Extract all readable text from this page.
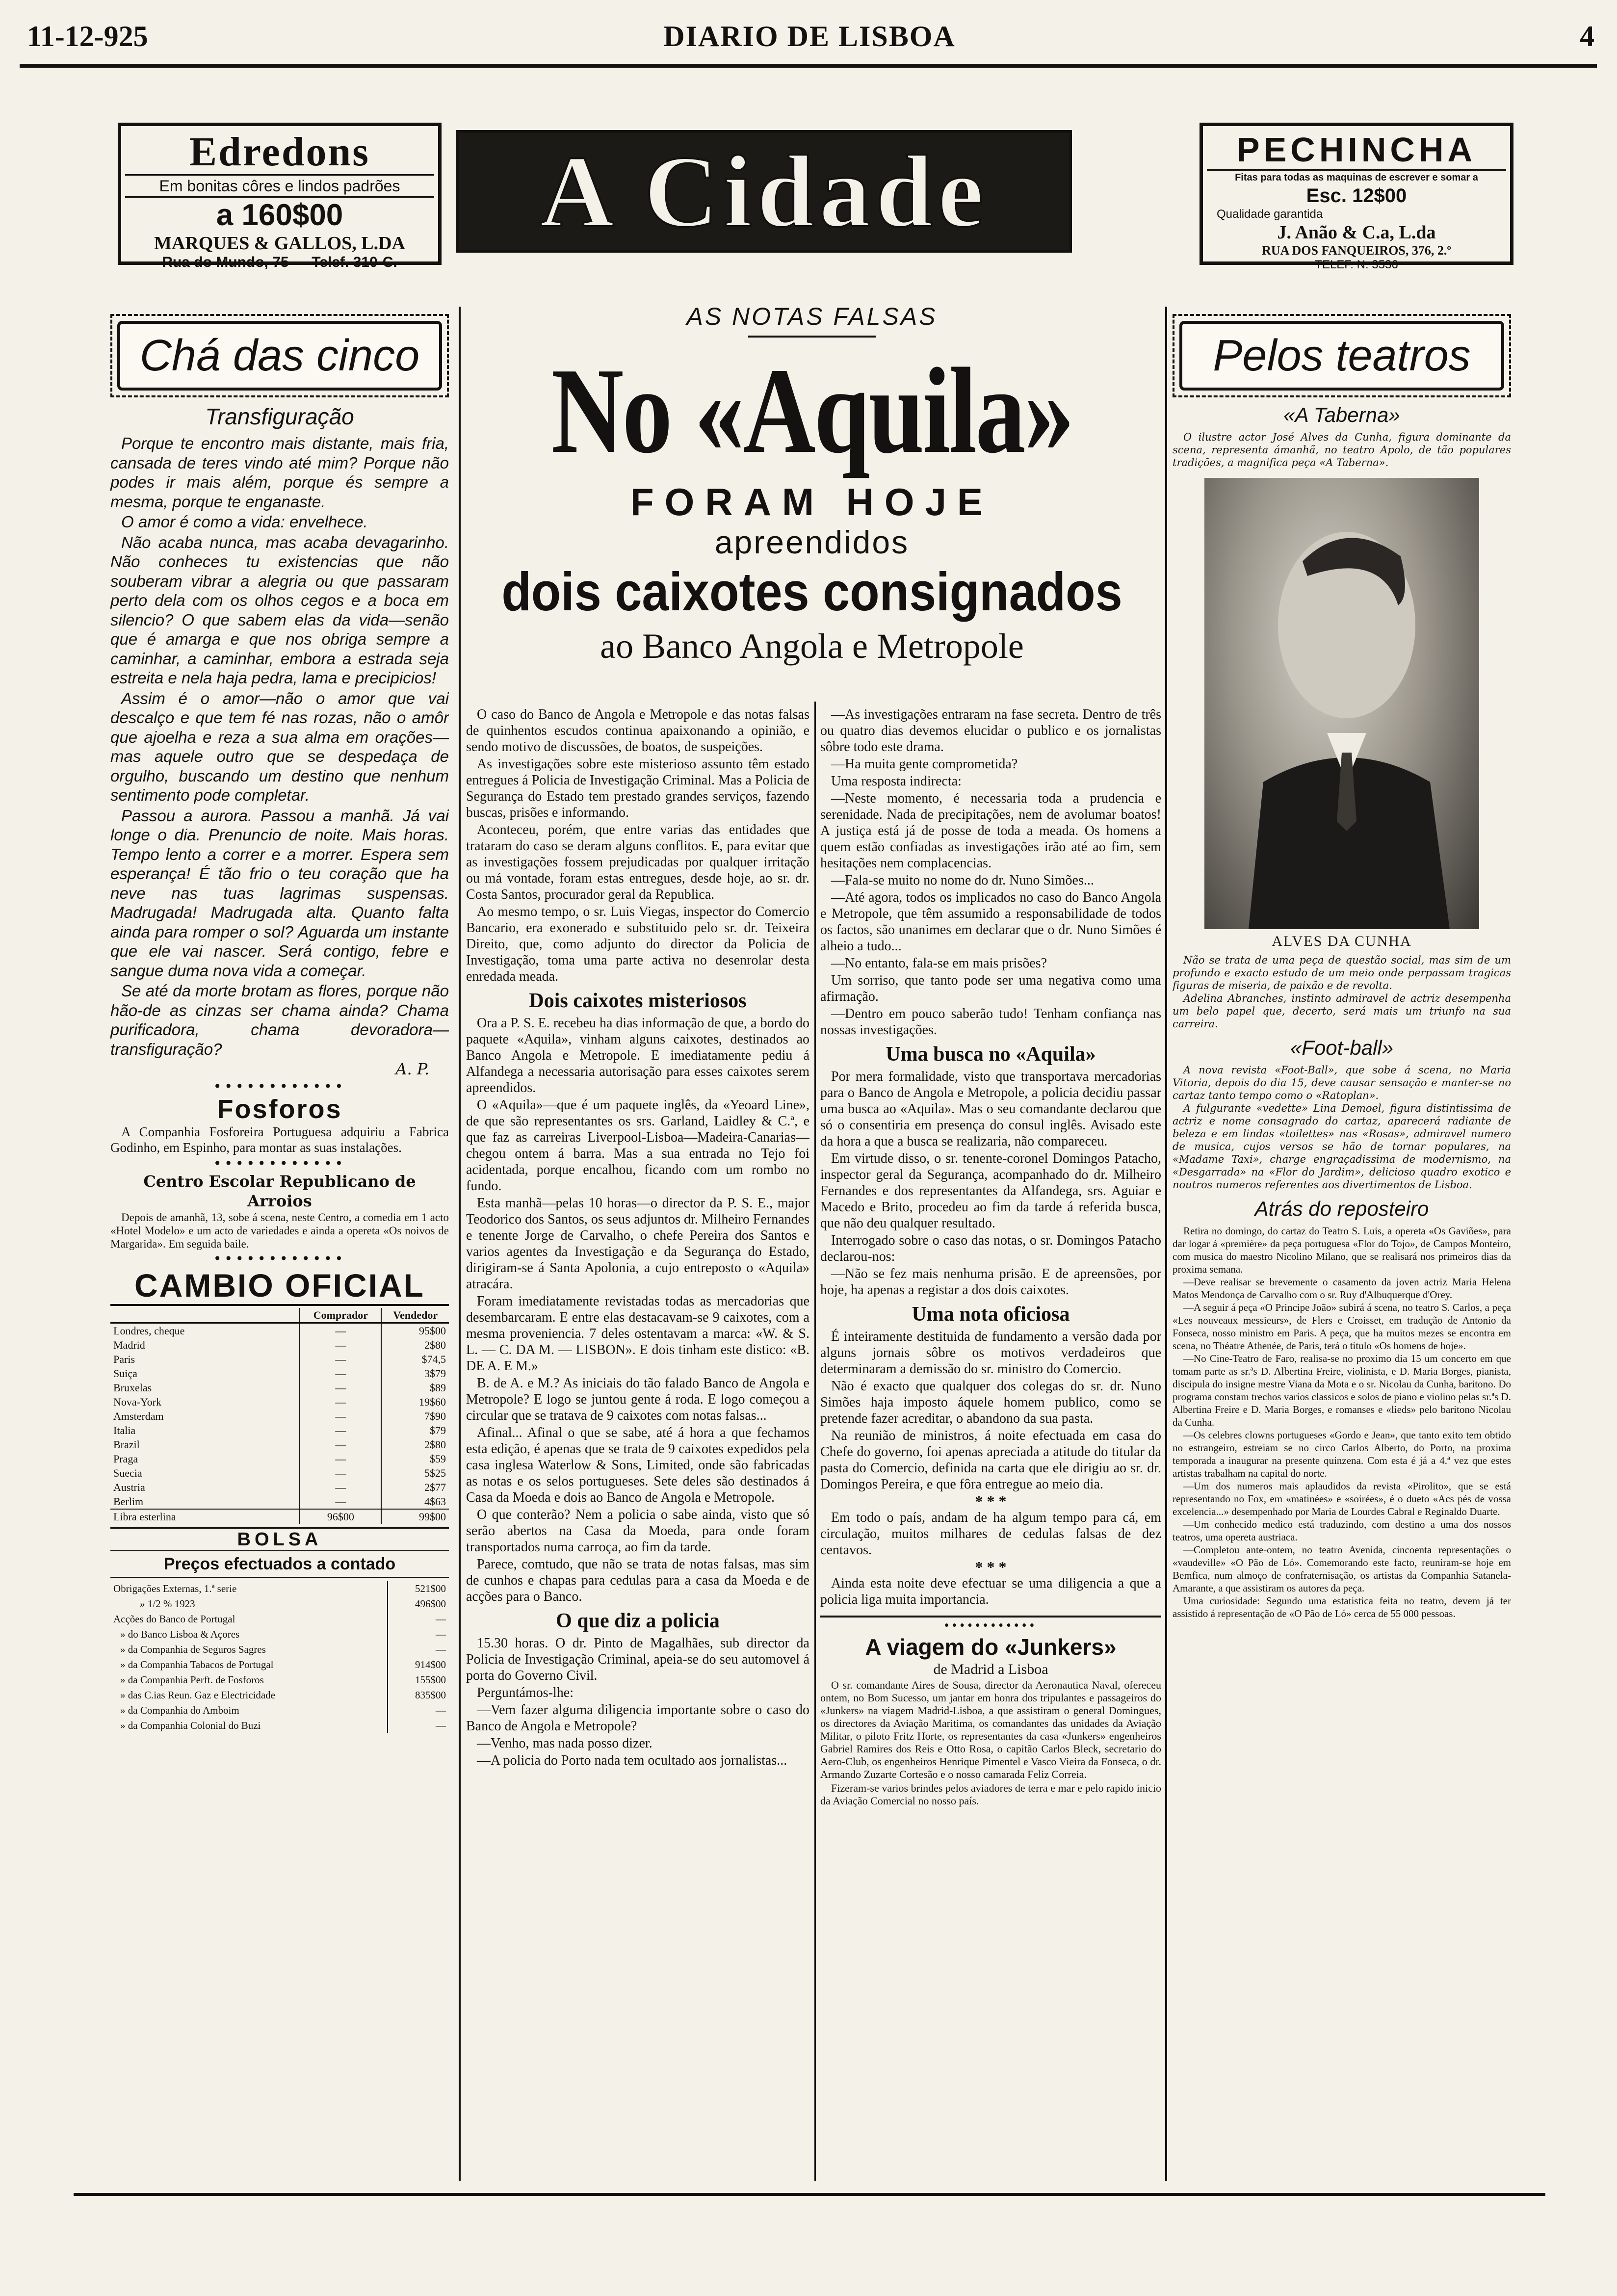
11-12-925	DIARIO DE LISBOA	4
Edredons
Em bonitas côres e lindos padrões
a 160$00
MARQUES & GALLOS, L.DA
Rua do Mundo, 75 — Telef. 310-C.
A Cidade	PECHINCHA
Fitas para todas as maquinas de escrever e somar a
Esc. 12$00
Qualidade garantida
J. Anão & C.a, L.da
RUA DOS FANQUEIROS, 376, 2.º
TELEF. N. 3536
Chá das cinco
Transfiguração

Porque te encontro mais distante, mais fria, cansada de teres vindo até mim? Porque não podes ir mais além, porque és sempre a mesma, porque te enganaste.

O amor é como a vida: envelhece.

Não acaba nunca, mas acaba devagarinho. Não conheces tu existencias que não souberam vibrar a alegria ou que passaram perto dela com os olhos cegos e a boca em silencio? O que sabem elas da vida—senão que é amarga e que nos obriga sempre a caminhar, a caminhar, embora a estrada seja estreita e nela haja pedra, lama e precipicios!

Assim é o amor—não o amor que vai descalço e que tem fé nas rozas, não o amôr que ajoelha e reza a sua alma em orações—mas aquele outro que se despedaça de orgulho, buscando um destino que nenhum sentimento pode completar.

Passou a aurora. Passou a manhã. Já vai longe o dia. Prenuncio de noite. Mais horas. Tempo lento a correr e a morrer. Espera sem esperança! É tão frio o teu coração que ha neve nas tuas lagrimas suspensas. Madrugada! Madrugada alta. Quanto falta ainda para romper o sol? Aguarda um instante que ele vai nascer. Será contigo, febre e sangue duma nova vida a começar.

Se até da morte brotam as flores, porque não hão-de as cinzas ser chama ainda? Chama purificadora, chama devoradora—transfiguração?

A. P.
••••••••••••
Fosforos

A Companhia Fosforeira Portuguesa adquiriu a Fabrica Godinho, em Espinho, para montar as suas instalações.

••••••••••••
Centro Escolar Republicano de Arroios

Depois de amanhã, 13, sobe á scena, neste Centro, a comedia em 1 acto «Hotel Modelo» e um acto de variedades e ainda a opereta «Os noivos de Margarida». Em seguida baile.

••••••••••••
CAMBIO OFICIAL
	Comprador	Vendedor
Londres, cheque	—	95$00
Madrid	—	2$80
Paris	—	$74,5
Suiça	—	3$79
Bruxelas	—	$89
Nova-York	—	19$60
Amsterdam	—	7$90
Italia	—	$79
Brazil	—	2$80
Praga	—	$59
Suecia	—	5$25
Austria	—	2$77
Berlim	—	4$63
Libra esterlina	96$00	99$00
BOLSA
Preços efectuados a contado
Obrigações Externas, 1.ª serie	521$00
» 1/2 % 1923	496$00
Acções do Banco de Portugal	—
» do Banco Lisboa & Açores	—
» da Companhia de Seguros Sagres	—
» da Companhia Tabacos de Portugal	914$00
» da Companhia Perft. de Fosforos	155$00
» das C.ias Reun. Gaz e Electricidade	835$00
» da Companhia do Amboim	—
» da Companhia Colonial do Buzi	—
AS NOTAS FALSAS
No «Aquila»
FORAM HOJE
apreendidos
dois caixotes consignados
ao Banco Angola e Metropole

O caso do Banco de Angola e Metropole e das notas falsas de quinhentos escudos continua apaixonando a opinião, e sendo motivo de discussões, de boatos, de suspeições.

As investigações sobre este misterioso assunto têm estado entregues á Policia de Investigação Criminal. Mas a Policia de Segurança do Estado tem prestado grandes serviços, fazendo buscas, prisões e informando.

Aconteceu, porém, que entre varias das entidades que trataram do caso se deram alguns conflitos. E, para evitar que as investigações fossem prejudicadas por qualquer irritação ou má vontade, foram estas entregues, desde hoje, ao sr. dr. Costa Santos, procurador geral da Republica.

Ao mesmo tempo, o sr. Luis Viegas, inspector do Comercio Bancario, era exonerado e substituido pelo sr. dr. Teixeira Direito, que, como adjunto do director da Policia de Investigação, toma uma parte activa no desenrolar desta enredada meada.

Dois caixotes misteriosos

Ora a P. S. E. recebeu ha dias informação de que, a bordo do paquete «Aquila», vinham alguns caixotes, destinados ao Banco Angola e Metropole. E imediatamente pediu á Alfandega a necessaria autorisação para esses caixotes serem apreendidos.

O «Aquila»—que é um paquete inglês, da «Yeoard Line», de que são representantes os srs. Garland, Laidley & C.ª, e que faz as carreiras Liverpool-Lisboa—Madeira-Canarias—chegou ontem á barra. Mas a sua entrada no Tejo foi acidentada, porque encalhou, ficando com um rombo no fundo.

Esta manhã—pelas 10 horas—o director da P. S. E., major Teodorico dos Santos, os seus adjuntos dr. Milheiro Fernandes e tenente Jorge de Carvalho, o chefe Pereira dos Santos e varios agentes da Investigação e da Segurança do Estado, dirigiram-se á Santa Apolonia, a cujo entreposto o «Aquila» atracára.

Foram imediatamente revistadas todas as mercadorias que desembarcaram. E entre elas destacavam-se 9 caixotes, com a mesma proveniencia. 7 deles ostentavam a marca: «W. & S. L. — C. DA M. — LISBON». E dois tinham este distico: «B. DE A. E M.»

B. de A. e M.? As iniciais do tão falado Banco de Angola e Metropole? E logo se juntou gente á roda. E logo começou a circular que se tratava de 9 caixotes com notas falsas...

Afinal... Afinal o que se sabe, até á hora a que fechamos esta edição, é apenas que se trata de 9 caixotes expedidos pela casa inglesa Waterlow & Sons, Limited, onde são fabricadas as notas e os selos portugueses. Sete deles são destinados á Casa da Moeda e dois ao Banco de Angola e Metropole.

O que conterão? Nem a policia o sabe ainda, visto que só serão abertos na Casa da Moeda, para onde foram transportados numa carroça, ao fim da tarde.

Parece, comtudo, que não se trata de notas falsas, mas sim de cunhos e chapas para cedulas para a casa da Moeda e de acções para o Banco.

O que diz a policia

15.30 horas. O dr. Pinto de Magalhães, sub director da Policia de Investigação Criminal, apeia-se do seu automovel á porta do Governo Civil.

Perguntámos-lhe:

—Vem fazer alguma diligencia importante sobre o caso do Banco de Angola e Metropole?

—Venho, mas nada posso dizer.

—A policia do Porto nada tem ocultado aos jornalistas...

—As investigações entraram na fase secreta. Dentro de três ou quatro dias devemos elucidar o publico e os jornalistas sôbre todo este drama.

—Ha muita gente comprometida?

Uma resposta indirecta:

—Neste momento, é necessaria toda a prudencia e serenidade. Nada de precipitações, nem de avolumar boatos! A justiça está já de posse de toda a meada. Os homens a quem estão confiadas as investigações irão até ao fim, sem hesitações nem complacencias.

—Fala-se muito no nome do dr. Nuno Simões...

—Até agora, todos os implicados no caso do Banco Angola e Metropole, que têm assumido a responsabilidade de todos os factos, são unanimes em declarar que o dr. Nuno Simões é alheio a tudo...

—No entanto, fala-se em mais prisões?

Um sorriso, que tanto pode ser uma negativa como uma afirmação.

—Dentro em pouco saberão tudo! Tenham confiança nas nossas investigações.

Uma busca no «Aquila»

Por mera formalidade, visto que transportava mercadorias para o Banco de Angola e Metropole, a policia decidiu passar uma busca ao «Aquila». Mas o seu comandante declarou que só o consentiria em presença do consul inglês. Avisado este da hora a que a busca se realizaria, não compareceu.

Em virtude disso, o sr. tenente-coronel Domingos Patacho, inspector geral da Segurança, acompanhado do dr. Milheiro Fernandes e dos representantes da Alfandega, srs. Aguiar e Macedo e Brito, procedeu ao fim da tarde á referida busca, que não deu qualquer resultado.

Interrogado sobre o caso das notas, o sr. Domingos Patacho declarou-nos:

—Não se fez mais nenhuma prisão. E de apreensões, por hoje, ha apenas a registar a dos dois caixotes.

Uma nota oficiosa

É inteiramente destituida de fundamento a versão dada por alguns jornais sôbre os motivos verdadeiros que determinaram a demissão do sr. ministro do Comercio.

Não é exacto que qualquer dos colegas do sr. dr. Nuno Simões haja imposto áquele homem publico, como se pretende fazer acreditar, o abandono da sua pasta.

Na reunião de ministros, á noite efectuada em casa do Chefe do governo, foi apenas apreciada a atitude do titular da pasta do Comercio, definida na carta que ele dirigiu ao sr. dr. Domingos Pereira, e que fôra entregue ao meio dia.

* * *

Em todo o país, andam de ha algum tempo para cá, em circulação, muitos milhares de cedulas falsas de dez centavos.

* * *

Ainda esta noite deve efectuar se uma diligencia a que a policia liga muita importancia.

••••••••••••
A viagem do «Junkers»
de Madrid a Lisboa

O sr. comandante Aires de Sousa, director da Aeronautica Naval, ofereceu ontem, no Bom Sucesso, um jantar em honra dos tripulantes e passageiros do «Junkers» na viagem Madrid-Lisboa, a que assistiram o general Domingues, os directores da Aviação Maritima, os comandantes das unidades da Aviação Militar, o piloto Fritz Horte, os representantes da casa «Junkers» engenheiros Gabriel Ramires dos Reis e Otto Rosa, o capitão Carlos Bleck, secretario do Aero-Club, os engenheiros Henrique Pimentel e Vasco Vieira da Fonseca, o dr. Armando Zuzarte Cortesão e o nosso camarada Feliz Correia.

Fizeram-se varios brindes pelos aviadores de terra e mar e pelo rapido inicio da Aviação Comercial no nosso país.

Pelos teatros
«A Taberna»

O ilustre actor José Alves da Cunha, figura dominante da scena, representa ámanhã, no teatro Apolo, de tão populares tradições, a magnifica peça «A Taberna».

ALVES DA CUNHA

Não se trata de uma peça de questão social, mas sim de um profundo e exacto estudo de um meio onde perpassam tragicas figuras de miseria, de paixão e de revolta.

Adelina Abranches, instinto admiravel de actriz desempenha um belo papel que, decerto, será mais um triunfo na sua carreira.

«Foot-ball»

A nova revista «Foot-Ball», que sobe á scena, no Maria Vitoria, depois do dia 15, deve causar sensação e manter-se no cartaz tanto tempo como o «Ratoplan».

A fulgurante «vedette» Lina Demoel, figura distintissima de actriz e nome consagrado do cartaz, aparecerá radiante de beleza e em lindas «toilettes» nas «Rosas», admiravel numero de musica, cujos versos se hão de tornar populares, na «Madame Taxi», charge engraçadissima de modernismo, na «Desgarrada» na «Flor do Jardim», delicioso quadro exotico e noutros numeros referentes aos divertimentos de Lisboa.

Atrás do reposteiro

Retira no domingo, do cartaz do Teatro S. Luis, a opereta «Os Gaviões», para dar logar á «première» da peça portuguesa «Flor do Tojo», de Campos Monteiro, com musica do maestro Nicolino Milano, que se realisará nos primeiros dias da proxima semana.

—Deve realisar se brevemente o casamento da joven actriz Maria Helena Matos Mendonça de Carvalho com o sr. Ruy d'Albuquerque d'Orey.

—A seguir á peça «O Principe João» subirá á scena, no teatro S. Carlos, a peça «Les nouveaux messieurs», de Flers e Croisset, em tradução de Antonio da Fonseca, nosso ministro em Paris. A peça, que ha muitos mezes se encontra em scena, no Théatre Athenée, de Paris, terá o titulo «Os homens de hoje».

—No Cine-Teatro de Faro, realisa-se no proximo dia 15 um concerto em que tomam parte as sr.ªs D. Albertina Freire, violinista, e D. Maria Borges, pianista, discipula do insigne mestre Viana da Mota e o sr. Nicolau da Cunha, baritono. Do programa constam trechos varios classicos e solos de piano e violino pelas sr.ªs D. Albertina Freire e D. Maria Borges, e romanses e «lieds» pelo baritono Nicolau da Cunha.

—Os celebres clowns portugueses «Gordo e Jean», que tanto exito tem obtido no estrangeiro, estreiam se no circo Carlos Alberto, do Porto, na proxima temporada a inaugurar na presente quinzena. Com esta é já a 4.ª vez que estes artistas trabalham na capital do norte.

—Um dos numeros mais aplaudidos da revista «Pirolito», que se está representando no Fox, em «matinées» e «soirées», é o dueto «Acs pés de vossa excelencia...» desempenhado por Maria de Lourdes Cabral e Reginaldo Duarte.

—Um conhecido medico está traduzindo, com destino a uma dos nossos teatros, uma opereta austriaca.

—Completou ante-ontem, no teatro Avenida, cincoenta representações o «vaudeville» «O Pão de Ló». Comemorando este facto, reuniram-se hoje em Bemfica, num almoço de confraternisação, os artistas da Companhia Satanela-Amarante, a que assistiram os autores da peça.

Uma curiosidade: Segundo uma estatistica feita no teatro, devem já ter assistido á representação de «O Pão de Ló» cerca de 55 000 pessoas.
